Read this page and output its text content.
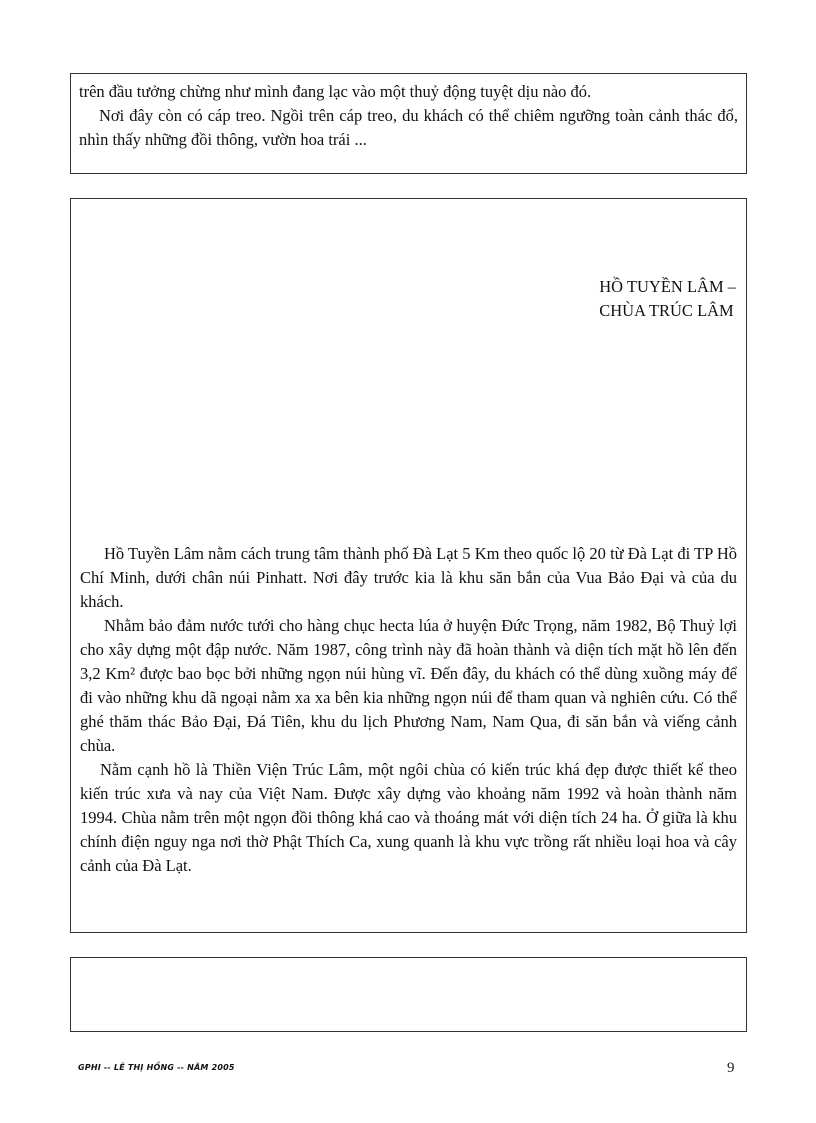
trên đầu tưởng chừng như mình đang lạc vào một thuỷ động tuyệt dịu nào đó.

Nơi đây còn có cáp treo. Ngồi trên cáp treo, du khách có thể chiêm ngưỡng toàn cảnh thác đổ, nhìn thấy những đồi thông, vườn hoa trái ...

HỒ TUYỀN LÂM –
CHÙA TRÚC LÂM

Hồ Tuyền Lâm nằm cách trung tâm thành phố Đà Lạt 5 Km theo quốc lộ 20 từ Đà Lạt đi TP Hồ Chí Minh, dưới chân núi Pinhatt. Nơi đây trước kia là khu săn bắn của Vua Bảo Đại và của du khách.

Nhằm bảo đảm nước tưới cho hàng chục hecta lúa ở huyện Đức Trọng, năm 1982, Bộ Thuỷ lợi cho xây dựng một đập nước. Năm 1987, công trình này đã hoàn thành và diện tích mặt hồ lên đến 3,2 Km² được bao bọc bởi những ngọn núi hùng vĩ. Đến đây, du khách có thể dùng xuồng máy để đi vào những khu dã ngoại nằm xa xa bên kia những ngọn núi để tham quan và nghiên cứu. Có thể ghé thăm thác Bảo Đại, Đá Tiên, khu du lịch Phương Nam, Nam Qua, đi săn bắn và viếng cảnh chùa.

Nằm cạnh hồ là Thiền Viện Trúc Lâm, một ngôi chùa có kiến trúc khá đẹp được thiết kế theo kiến trúc xưa và nay của Việt Nam. Được xây dựng vào khoảng năm 1992 và hoàn thành năm 1994. Chùa nằm trên một ngọn đồi thông khá cao và thoáng mát với diện tích 24 ha. Ở giữa là khu chính điện nguy nga nơi thờ Phật Thích Ca, xung quanh là khu vực trồng rất nhiều loại hoa và cây cảnh của Đà Lạt.

GPHI -- LÊ THỊ HỒNG -- NĂM 2005	9
